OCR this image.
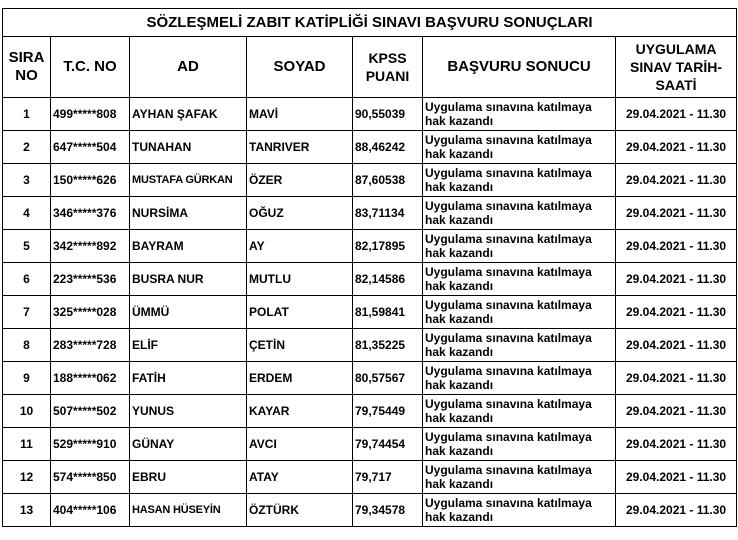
SÖZLEŞMELİ ZABIT KATİPLİĞİ SINAVI BAŞVURU SONUÇLARI						
SIRA NO	T.C. NO	AD	SOYAD	KPSS PUANI	BAŞVURU SONUCU	UYGULAMA SINAV TARİH-SAATİ
1	499*****808	AYHAN ŞAFAK	MAVİ	90,55039	Uygulama sınavına katılmaya hak kazandı	29.04.2021 - 11.30
2	647*****504	TUNAHAN	TANRIVER	88,46242	Uygulama sınavına katılmaya hak kazandı	29.04.2021 - 11.30
3	150*****626	MUSTAFA GÜRKAN	ÖZER	87,60538	Uygulama sınavına katılmaya hak kazandı	29.04.2021 - 11.30
4	346*****376	NURSİMA	OĞUZ	83,71134	Uygulama sınavına katılmaya hak kazandı	29.04.2021 - 11.30
5	342*****892	BAYRAM	AY	82,17895	Uygulama sınavına katılmaya hak kazandı	29.04.2021 - 11.30
6	223*****536	BUSRA NUR	MUTLU	82,14586	Uygulama sınavına katılmaya hak kazandı	29.04.2021 - 11.30
7	325*****028	ÜMMÜ	POLAT	81,59841	Uygulama sınavına katılmaya hak kazandı	29.04.2021 - 11.30
8	283*****728	ELİF	ÇETİN	81,35225	Uygulama sınavına katılmaya hak kazandı	29.04.2021 - 11.30
9	188*****062	FATİH	ERDEM	80,57567	Uygulama sınavına katılmaya hak kazandı	29.04.2021 - 11.30
10	507*****502	YUNUS	KAYAR	79,75449	Uygulama sınavına katılmaya hak kazandı	29.04.2021 - 11.30
11	529*****910	GÜNAY	AVCI	79,74454	Uygulama sınavına katılmaya hak kazandı	29.04.2021 - 11.30
12	574*****850	EBRU	ATAY	79,717	Uygulama sınavına katılmaya hak kazandı	29.04.2021 - 11.30
13	404*****106	HASAN HÜSEYİN	ÖZTÜRK	79,34578	Uygulama sınavına katılmaya hak kazandı	29.04.2021 - 11.30
